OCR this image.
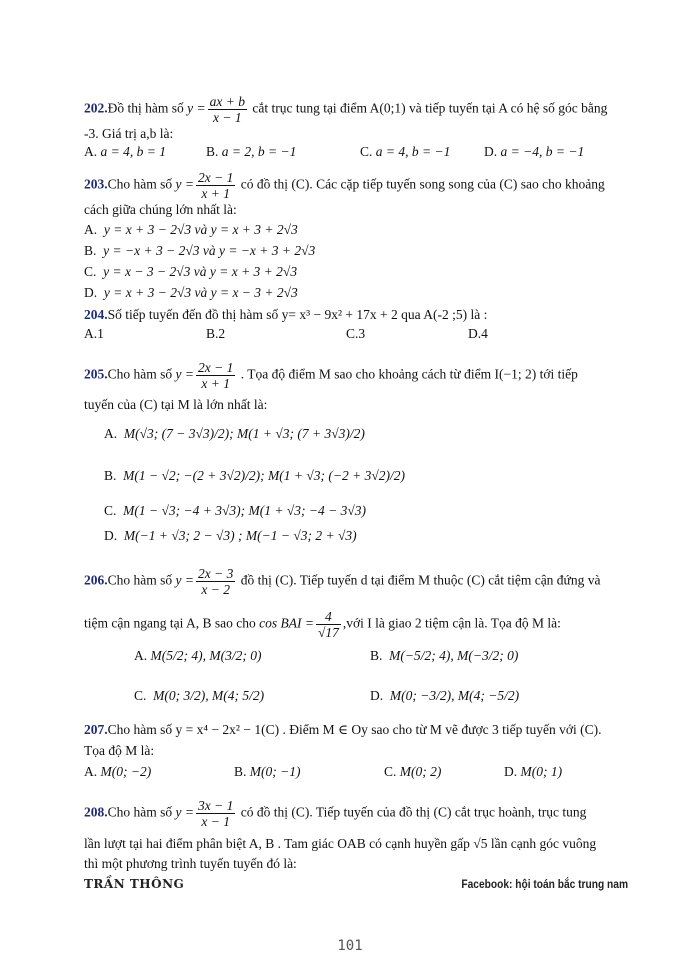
202.Đồ thị hàm số $y = \frac{ax + b}{x - 1}$ cắt trục tung tại điểm A(0;1) và tiếp tuyến tại A có hệ số góc bằng
-3. Giá trị a,b là:
A. a = 4, b = 1	B. a = 2, b = −1	C. a = 4, b = −1 D. a = −4, b = −1
203.Cho hàm số $y = \frac{2x - 1}{x + 1}$ có đồ thị (C). Các cặp tiếp tuyến song song của (C) sao cho khoảng
cách giữa chúng lớn nhất là:
A. y = x + 3 − 2√3 và y = x + 3 + 2√3
B. y = −x + 3 − 2√3 và y = −x + 3 + 2√3
C. y = x − 3 − 2√3 và y = x + 3 + 2√3
D. y = x + 3 − 2√3 và y = x − 3 + 2√3
204.Số tiếp tuyến đến đồ thị hàm số y= x³ − 9x² + 17x + 2 qua A(-2 ;5) là :
A.1	B.2	C.3	D.4
205.Cho hàm số $y = \frac{2x - 1}{x + 1}$ . Tọa độ điểm M sao cho khoảng cách từ điểm I(−1; 2) tới tiếp
tuyến của (C) tại M là lớn nhất là:
A. M(√3; (7 − 3√3)/2); M(1 + √3; (7 + 3√3)/2)
B. M(1 − √2; −(2 + 3√2)/2); M(1 + √3; (−2 + 3√2)/2)
C. M(1 − √3; −4 + 3√3); M(1 + √3; −4 − 3√3)
D. M(−1 + √3; 2 − √3) ; M(−1 − √3; 2 + √3)
206.Cho hàm số $y = \frac{2x - 3}{x - 2}$ đồ thị (C). Tiếp tuyến d tại điểm M thuộc (C) cắt tiệm cận đứng và
tiệm cận ngang tại A, B sao cho cos BAI = $\frac{4}{√17}$ ,với I là giao 2 tiệm cận là. Tọa độ M là:
A. M(5/2; 4), M(3/2; 0)	B. M(−5/2; 4), M(−3/2; 0)
C. M(0; 3/2), M(4; 5/2)	D. M(0; −3/2), M(4; −5/2)
207.Cho hàm số y = x⁴ − 2x² − 1(C) . Điểm M ∈ Oy sao cho từ M vẽ được 3 tiếp tuyến với (C).
Tọa độ M là:
A. M(0; −2)	B. M(0; −1)	C. M(0; 2)	D. M(0; 1)
208.Cho hàm số $y = \frac{3x - 1}{x - 1}$ có đồ thị (C). Tiếp tuyến của đồ thị (C) cắt trục hoành, trục tung
lần lượt tại hai điểm phân biệt A, B . Tam giác OAB có cạnh huyền gấp √5 lần cạnh góc vuông
thì một phương trình tuyến tuyến đó là:
TRẦN THÔNG	Facebook: hội toán bắc trung nam
101
